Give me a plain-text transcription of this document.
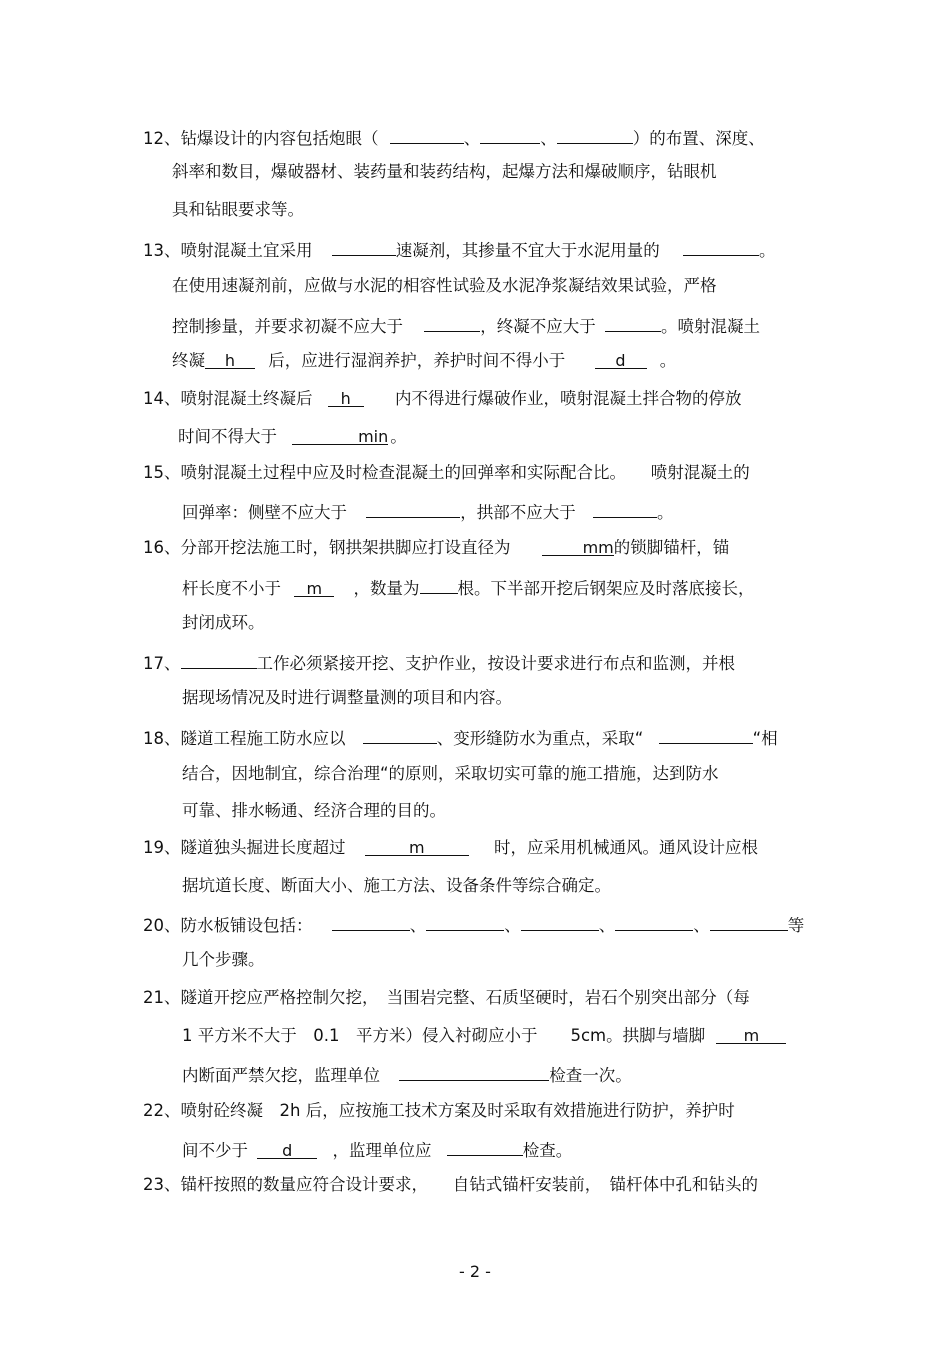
12、钻爆设计的内容包括炮眼（	、	、	）的布置、深度、
斜率和数目，爆破器材、装药量和装药结构，起爆方法和爆破顺序，钻眼机
具和钻眼要求等。
13、喷射混凝土宜采用	速凝剂，其掺量不宜大于水泥用量的	。
在使用速凝剂前，应做与水泥的相容性试验及水泥净浆凝结效果试验，严格
控制掺量，并要求初凝不应大于	，终凝不应大于	。喷射混凝土
终凝 h 后，应进行湿润养护，养护时间不得小于	d 。
14、喷射混凝土终凝后 h	内不得进行爆破作业，喷射混凝土拌合物的停放
时间不得大于	min 。
15、喷射混凝土过程中应及时检查混凝土的回弹率和实际配合比。　　喷射混凝土的
回弹率：侧壁不应大于	，拱部不应大于	。
16、分部开挖法施工时，钢拱架拱脚应打设直径为	mm的锁脚锚杆，锚
杆长度不小于 m ，数量为 根。下半部开挖后钢架应及时落底接长，
封闭成环。
17、	工作必须紧接开挖、支护作业，按设计要求进行布点和监测，并根
据现场情况及时进行调整量测的项目和内容。
18、隧道工程施工防水应以	、变形缝防水为重点，采取“	“相
结合，因地制宜，综合治理“的原则，采取切实可靠的施工措施，达到防水
可靠、排水畅通、经济合理的目的。
19、隧道独头掘进长度超过	m	时，应采用机械通风。通风设计应根
据坑道长度、断面大小、施工方法、设备条件等综合确定。
20、防水板铺设包括：	、	、	、	、	等
几个步骤。
21、隧道开挖应严格控制欠挖，　当围岩完整、石质坚硬时，岩石个别突出部分（每
1 平方米不大于　0.1　平方米）侵入衬砌应小于　　5cm。拱脚与墙脚 m
内断面严禁欠挖，监理单位	检查一次。
22、喷射砼终凝　2h 后，应按施工技术方案及时采取有效措施进行防护，养护时
间不少于 d ，监理单位应	检查。
23、锚杆按照的数量应符合设计要求，　　自钻式锚杆安装前，　锚杆体中孔和钻头的
- 2 -
